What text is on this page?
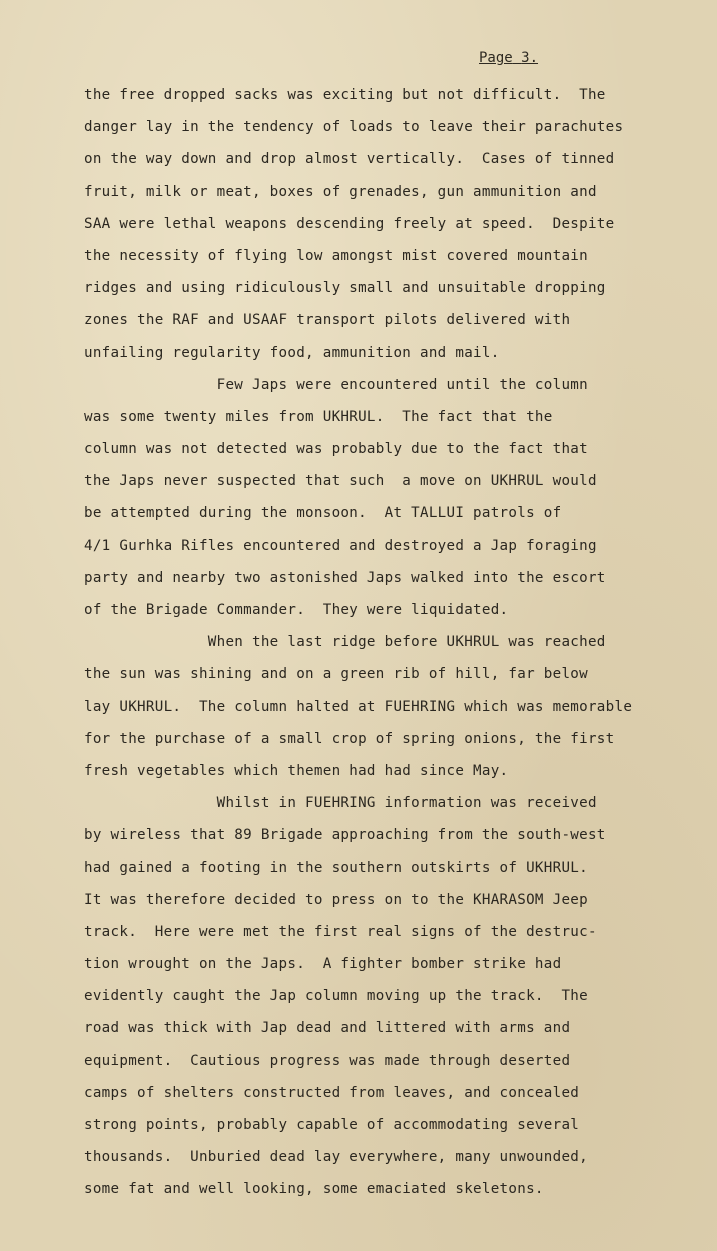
Page 3.
the free dropped sacks was exciting but not difficult.  The
danger lay in the tendency of loads to leave their parachutes
on the way down and drop almost vertically.  Cases of tinned
fruit, milk or meat, boxes of grenades, gun ammunition and
SAA were lethal weapons descending freely at speed.  Despite
the necessity of flying low amongst mist covered mountain
ridges and using ridiculously small and unsuitable dropping
zones the RAF and USAAF transport pilots delivered with
unfailing regularity food, ammunition and mail.
Few Japs were encountered until the column
was some twenty miles from UKHRUL.  The fact that the
column was not detected was probably due to the fact that
the Japs never suspected that such  a move on UKHRUL would
be attempted during the monsoon.  At TALLUI patrols of
4/1 Gurhka Rifles encountered and destroyed a Jap foraging
party and nearby two astonished Japs walked into the escort
of the Brigade Commander.  They were liquidated.
When the last ridge before UKHRUL was reached
the sun was shining and on a green rib of hill, far below
lay UKHRUL.  The column halted at FUEHRING which was memorable
for the purchase of a small crop of spring onions, the first
fresh vegetables which themen had had since May.
Whilst in FUEHRING information was received
by wireless that 89 Brigade approaching from the south-west
had gained a footing in the southern outskirts of UKHRUL.
It was therefore decided to press on to the KHARASOM Jeep
track.  Here were met the first real signs of the destruc-
tion wrought on the Japs.  A fighter bomber strike had
evidently caught the Jap column moving up the track.  The
road was thick with Jap dead and littered with arms and
equipment.  Cautious progress was made through deserted
camps of shelters constructed from leaves, and concealed
strong points, probably capable of accommodating several
thousands.  Unburied dead lay everywhere, many unwounded,
some fat and well looking, some emaciated skeletons.
